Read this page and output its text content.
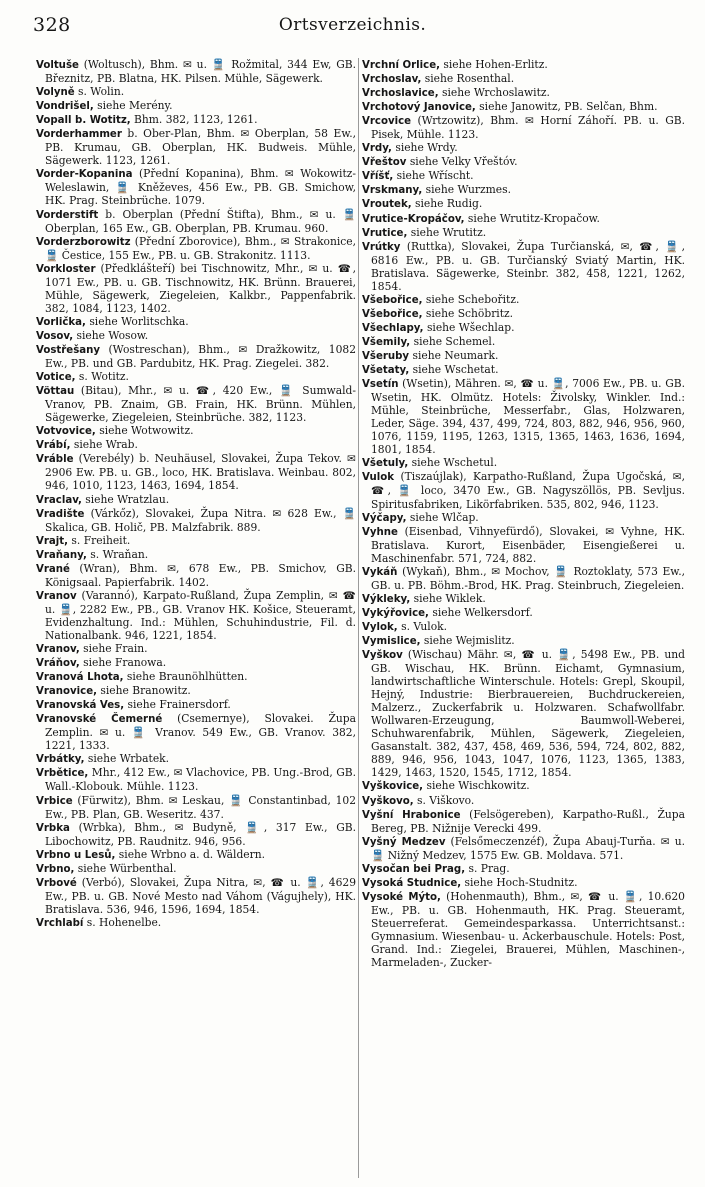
328	Ortsverzeichnis.

Voltuše (Woltusch), Bhm. ✉ u. 🚆 Rožmital, 344 Ew, GB. Březnitz, PB. Blatna, HK. Pilsen. Mühle, Sägewerk.

Volyně s. Wolin.

Vondrišel, siehe Merény.

Vopall b. Wotitz, Bhm. 382, 1123, 1261.

Vorderhammer b. Ober-Plan, Bhm. ✉ Oberplan, 58 Ew., PB. Krumau, GB. Oberplan, HK. Budweis. Mühle, Sägewerk. 1123, 1261.

Vorder-Kopanina (Přední Kopanina), Bhm. ✉ Wokowitz-Weleslawin, 🚆 Kněževes, 456 Ew., PB. GB. Smichow, HK. Prag. Steinbrüche. 1079.

Vorderstift b. Oberplan (Přední Štifta), Bhm., ✉ u. 🚆 Oberplan, 165 Ew., GB. Oberplan, PB. Krumau. 960.

Vorderzborowitz (Přední Zborovice), Bhm., ✉ Strakonice, 🚆 Čestice, 155 Ew., PB. u. GB. Strakonitz. 1113.

Vorkloster (Předklášteří) bei Tischnowitz, Mhr., ✉ u. ☎, 1071 Ew., PB. u. GB. Tischnowitz, HK. Brünn. Brauerei, Mühle, Sägewerk, Ziegeleien, Kalkbr., Pappenfabrik. 382, 1084, 1123, 1402.

Vorlička, siehe Worlitschka.

Vosov, siehe Wosow.

Vostřešany (Wostreschan), Bhm., ✉ Dražkowitz, 1082 Ew., PB. und GB. Pardubitz, HK. Prag. Ziegelei. 382.

Votice, s. Wotitz.

Vöttau (Bitau), Mhr., ✉ u. ☎, 420 Ew., 🚆 Sumwald-Vranov, PB. Znaim, GB. Frain, HK. Brünn. Mühlen, Sägewerke, Ziegeleien, Steinbrüche. 382, 1123.

Votvovice, siehe Wotwowitz.

Vrábí, siehe Wrab.

Vráble (Verebély) b. Neuhäusel, Slovakei, Župa Tekov. ✉ 2906 Ew. PB. u. GB., loco, HK. Bratislava. Weinbau. 802, 946, 1010, 1123, 1463, 1694, 1854.

Vraclav, siehe Wratzlau.

Vradište (Várkőz), Slovakei, Župa Nitra. ✉ 628 Ew., 🚆 Skalica, GB. Holič, PB. Malzfabrik. 889.

Vrajt, s. Freiheit.

Vraňany, s. Wraňan.

Vrané (Wran), Bhm. ✉, 678 Ew., PB. Smichov, GB. Königsaal. Papierfabrik. 1402.

Vranov (Varannó), Karpato-Rußland, Župa Zemplin, ✉ ☎ u. 🚆, 2282 Ew., PB., GB. Vranov HK. Košice, Steueramt, Evidenzhaltung. Ind.: Mühlen, Schuhindustrie, Fil. d. Nationalbank. 946, 1221, 1854.

Vranov, siehe Frain.

Vráňov, siehe Franowa.

Vranová Lhota, siehe Braunöhlhütten.

Vranovice, siehe Branowitz.

Vranovská Ves, siehe Frainersdorf.

Vranovské Čemerné (Csemernye), Slovakei. Župa Zemplin. ✉ u. 🚆 Vranov. 549 Ew., GB. Vranov. 382, 1221, 1333.

Vrbátky, siehe Wrbatek.

Vrbětice, Mhr., 412 Ew., ✉ Vlachovice, PB. Ung.-Brod, GB. Wall.-Klobouk. Mühle. 1123.

Vrbice (Fürwitz), Bhm. ✉ Leskau, 🚆 Constantinbad, 102 Ew., PB. Plan, GB. Weseritz. 437.

Vrbka (Wrbka), Bhm., ✉ Budyně, 🚆, 317 Ew., GB. Libochowitz, PB. Raudnitz. 946, 956.

Vrbno u Lesů, siehe Wrbno a. d. Wäldern.

Vrbno, siehe Würbenthal.

Vrbové (Verbó), Slovakei, Župa Nitra, ✉, ☎ u. 🚆, 4629 Ew., PB. u. GB. Nové Mesto nad Váhom (Vágujhely), HK. Bratislava. 536, 946, 1596, 1694, 1854.

Vrchlabí s. Hohenelbe.

Vrchní Orlice, siehe Hohen-Erlitz.

Vrchoslav, siehe Rosenthal.

Vrchoslavice, siehe Wrchoslawitz.

Vrchotový Janovice, siehe Janowitz, PB. Selčan, Bhm.

Vrcovice (Wrtzowitz), Bhm. ✉ Horní Záhoří. PB. u. GB. Pisek, Mühle. 1123.

Vrdy, siehe Wrdy.

Vřeštov siehe Velky Vřeštóv.

Vříšť, siehe Wříscht.

Vrskmany, siehe Wurzmes.

Vroutek, siehe Rudig.

Vrutice-Kropáčov, siehe Wrutitz-Kropačow.

Vrutice, siehe Wrutitz.

Vrútky (Ruttka), Slovakei, Župa Turčianská, ✉, ☎, 🚆, 6816 Ew., PB. u. GB. Turčianský Sviatý Martin, HK. Bratislava. Sägewerke, Steinbr. 382, 458, 1221, 1262, 1854.

Všebořice, siehe Schebořitz.

Všebořice, siehe Schöbritz.

Všechlapy, siehe Wšechlap.

Všemily, siehe Schemel.

Všeruby siehe Neumark.

Všetaty, siehe Wschetat.

Vsetín (Wsetin), Mähren. ✉, ☎ u. 🚆, 7006 Ew., PB. u. GB. Wsetin, HK. Olmütz. Hotels: Živolsky, Winkler. Ind.: Mühle, Steinbrüche, Messerfabr., Glas, Holzwaren, Leder, Säge. 394, 437, 499, 724, 803, 882, 946, 956, 960, 1076, 1159, 1195, 1263, 1315, 1365, 1463, 1636, 1694, 1801, 1854.

Všetuly, siehe Wschetul.

Vulok (Tiszaújlak), Karpatho-Rußland, Župa Ugočská, ✉, ☎, 🚆 loco, 3470 Ew., GB. Nagyszöllös, PB. Sevljus. Spiritusfabriken, Likörfabriken. 535, 802, 946, 1123.

Výčapy, siehe Wlčap.

Vyhne (Eisenbad, Vihnyefürdő), Slovakei, ✉ Vyhne, HK. Bratislava. Kurort, Eisenbäder, Eisengießerei u. Maschinenfabr. 571, 724, 882.

Vykáň (Wykaň), Bhm., ✉ Mochov, 🚆 Roztoklaty, 573 Ew., GB. u. PB. Böhm.-Brod, HK. Prag. Steinbruch, Ziegeleien.

Výkleky, siehe Wiklek.

Vykýřovice, siehe Welkersdorf.

Vylok, s. Vulok.

Vymislice, siehe Wejmislitz.

Vyškov (Wischau) Mähr. ✉, ☎ u. 🚆, 5498 Ew., PB. und GB. Wischau, HK. Brünn. Eichamt, Gymnasium, landwirtschaftliche Winterschule. Hotels: Grepl, Skoupil, Hejný, Industrie: Bierbrauereien, Buchdruckereien, Malzerz., Zuckerfabrik u. Holzwaren. Schafwollfabr. Wollwaren-Erzeugung, Baumwoll-Weberei, Schuhwarenfabrik, Mühlen, Sägewerk, Ziegeleien, Gasanstalt. 382, 437, 458, 469, 536, 594, 724, 802, 882, 889, 946, 956, 1043, 1047, 1076, 1123, 1365, 1383, 1429, 1463, 1520, 1545, 1712, 1854.

Vyškovice, siehe Wischkowitz.

Vyškovo, s. Viškovo.

Vyšní Hrabonice (Felsögereben), Karpatho-Rußl., Župa Bereg, PB. Nižnije Verecki 499.

Vyšný Medzev (Felsőmeczenzéf), Župa Abauj-Turňa. ✉ u. 🚆 Nižný Medzev, 1575 Ew. GB. Moldava. 571.

Vysočan bei Prag, s. Prag.

Vysoká Studnice, siehe Hoch-Studnitz.

Vysoké Mýto, (Hohenmauth), Bhm., ✉, ☎ u. 🚆, 10.620 Ew., PB. u. GB. Hohenmauth, HK. Prag. Steueramt, Steuerreferat. Gemeindesparkassa. Unterrichtsanst.: Gymnasium. Wiesenbau- u. Ackerbauschule. Hotels: Post, Grand. Ind.: Ziegelei, Brauerei, Mühlen, Maschinen-, Marmeladen-, Zucker-
